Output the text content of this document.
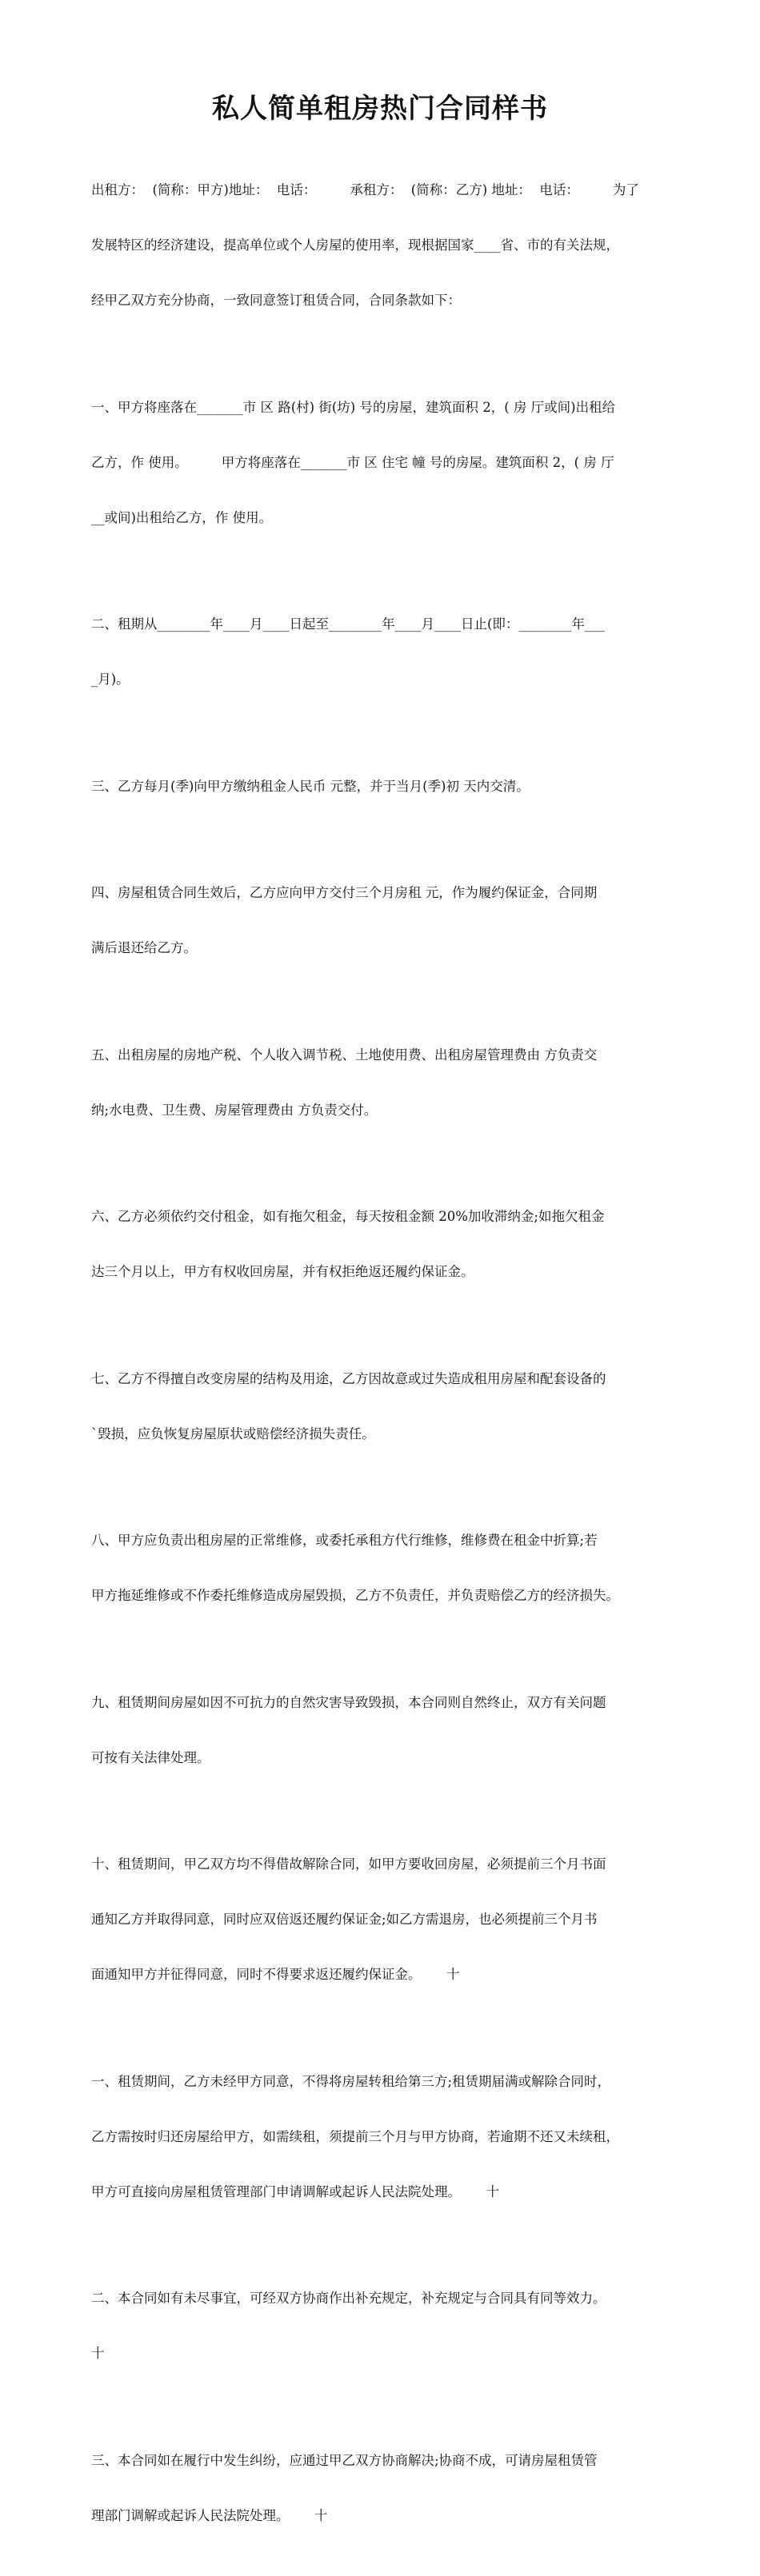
私人简单租房热门合同样书

出租方：  (简称：甲方)地址：  电话：        承租方：  (简称：乙方) 地址：  电话：        为了

发展特区的经济建设，提高单位或个人房屋的使用率，现根据国家____省、市的有关法规，

经甲乙双方充分协商，一致同意签订租赁合同，合同条款如下：

一、甲方将座落在_______市 区 路(村) 街(坊) 号的房屋，建筑面积 2，( 房 厅或间)出租给

乙方，作 使用。        甲方将座落在_______市 区 住宅 幢 号的房屋。建筑面积 2，( 房 厅

__或间)出租给乙方，作 使用。

二、租期从________年____月____日起至________年____月____日止(即：________年___

_月)。

三、乙方每月(季)向甲方缴纳租金人民币 元整，并于当月(季)初 天内交清。

四、房屋租赁合同生效后，乙方应向甲方交付三个月房租 元，作为履约保证金，合同期

满后退还给乙方。

五、出租房屋的房地产税、个人收入调节税、土地使用费、出租房屋管理费由 方负责交

纳;水电费、卫生费、房屋管理费由 方负责交付。

六、乙方必须依约交付租金，如有拖欠租金，每天按租金额 20%加收滞纳金;如拖欠租金

达三个月以上，甲方有权收回房屋，并有权拒绝返还履约保证金。

七、乙方不得擅自改变房屋的结构及用途，乙方因故意或过失造成租用房屋和配套设备的

`毁损，应负恢复房屋原状或赔偿经济损失责任。

八、甲方应负责出租房屋的正常维修，或委托承租方代行维修，维修费在租金中折算;若

甲方拖延维修或不作委托维修造成房屋毁损，乙方不负责任，并负责赔偿乙方的经济损失。

九、租赁期间房屋如因不可抗力的自然灾害导致毁损，本合同则自然终止，双方有关问题

可按有关法律处理。

十、租赁期间，甲乙双方均不得借故解除合同，如甲方要收回房屋，必须提前三个月书面

通知乙方并取得同意，同时应双倍返还履约保证金;如乙方需退房，也必须提前三个月书

面通知甲方并征得同意，同时不得要求返还履约保证金。      十

一、租赁期间，乙方未经甲方同意，不得将房屋转租给第三方;租赁期届满或解除合同时，

乙方需按时归还房屋给甲方，如需续租，须提前三个月与甲方协商，若逾期不还又未续租，

甲方可直接向房屋租赁管理部门申请调解或起诉人民法院处理。      十

二、本合同如有未尽事宜，可经双方协商作出补充规定，补充规定与合同具有同等效力。

十

三、本合同如在履行中发生纠纷，应通过甲乙双方协商解决;协商不成，可请房屋租赁管

理部门调解或起诉人民法院处理。      十
